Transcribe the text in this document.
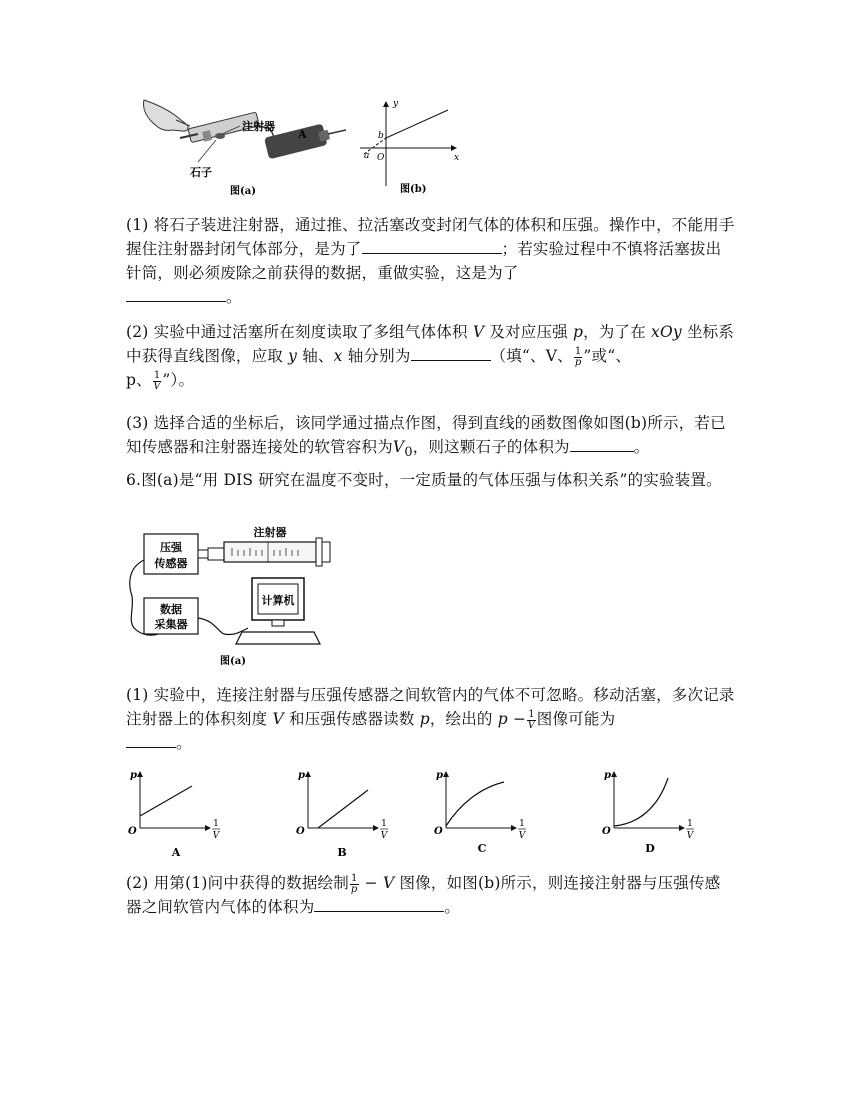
注射器
石子
A
图(a)
y
x
b
a O
图(b)
(1) 将石子装进注射器，通过推、拉活塞改变封闭气体的体积和压强。操作中，不能用手握住注射器封闭气体部分，是为了	；若实验过程中不慎将活塞拔出针筒，则必须废除之前获得的数据，重做实验，这是为了
。
(2) 实验中通过活塞所在刻度读取了多组气体体积 V 及对应压强 p，为了在 xOy 坐标系中获得直线图像，应取 y 轴、x 轴分别为	（填“、V、 $\frac{1}{p}$ ”或“、
p、 $\frac{1}{V}$ ”）。
(3) 选择合适的坐标后，该同学通过描点作图，得到直线的函数图像如图(b)所示，若已知传感器和注射器连接处的软管容积为$V_0$，则这颗石子的体积为	。
6.图(a)是“用 DIS 研究在温度不变时，一定质量的气体压强与体积关系”的实验装置。
压强
传感器
注射器
数据
采集器
计算机
图(a)
(1) 实验中，连接注射器与压强传感器之间软管内的气体不可忽略。移动活塞，多次记录注射器上的体积刻度 V 和压强传感器读数 p，绘出的 $p - \frac{1}{V}$ 图像可能为
。
p
O
1
V
A
p
O
1
V
B
p
O
1
V
C
p
O
1
V
D
(2) 用第(1)问中获得的数据绘制 $\frac{1}{p} - V$ 图像，如图(b)所示，则连接注射器与压强传感器之间软管内气体的体积为	。
